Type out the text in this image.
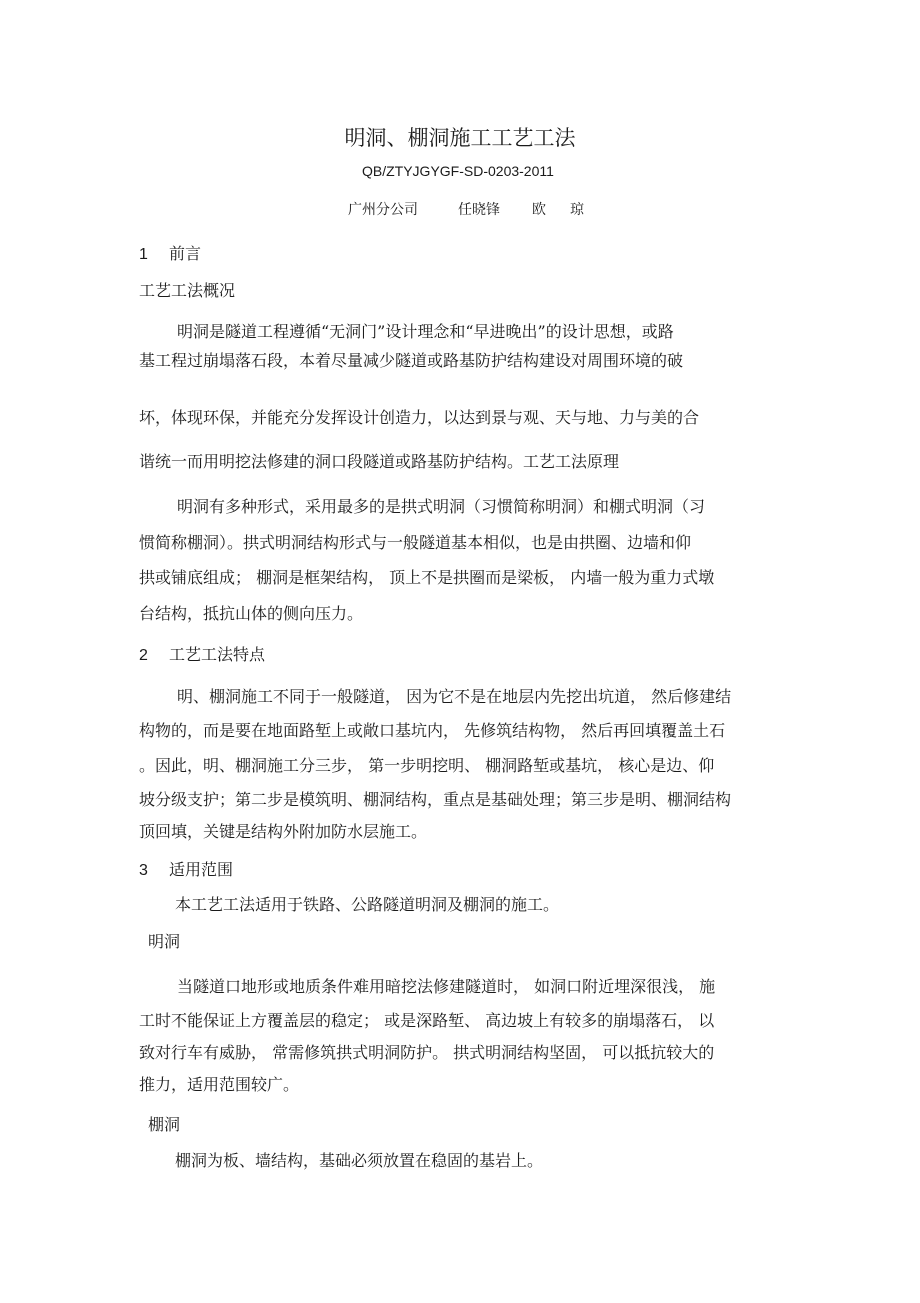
明洞、棚洞施工工艺工法
QB/ZTYJGYGF-SD-0203-2011
广州分公司	任晓锋 欧 琼
1 前言
工艺工法概况
明洞是隧道工程遵循“无洞门”设计理念和“早进晚出”的设计思想，或路
基工程过崩塌落石段，本着尽量减少隧道或路基防护结构建设对周围环境的破
坏，体现环保，并能充分发挥设计创造力，以达到景与观、天与地、力与美的合
谐统一而用明挖法修建的洞口段隧道或路基防护结构。工艺工法原理
明洞有多种形式，采用最多的是拱式明洞（习惯简称明洞）和棚式明洞（习
惯简称棚洞）。拱式明洞结构形式与一般隧道基本相似，也是由拱圈、边墙和仰
拱或铺底组成； 棚洞是框架结构， 顶上不是拱圈而是梁板， 内墙一般为重力式墩
台结构，抵抗山体的侧向压力。
2 工艺工法特点
明、棚洞施工不同于一般隧道， 因为它不是在地层内先挖出坑道， 然后修建结
构物的，而是要在地面路堑上或敞口基坑内， 先修筑结构物， 然后再回填覆盖土石
。因此，明、棚洞施工分三步， 第一步明挖明、 棚洞路堑或基坑， 核心是边、仰
坡分级支护；第二步是模筑明、棚洞结构，重点是基础处理；第三步是明、棚洞结构
顶回填，关键是结构外附加防水层施工。
3 适用范围
本工艺工法适用于铁路、公路隧道明洞及棚洞的施工。
明洞
当隧道口地形或地质条件难用暗挖法修建隧道时， 如洞口附近埋深很浅， 施
工时不能保证上方覆盖层的稳定； 或是深路堑、 高边坡上有较多的崩塌落石， 以
致对行车有威胁， 常需修筑拱式明洞防护。 拱式明洞结构坚固， 可以抵抗较大的
推力，适用范围较广。
棚洞
棚洞为板、墙结构，基础必须放置在稳固的基岩上。
